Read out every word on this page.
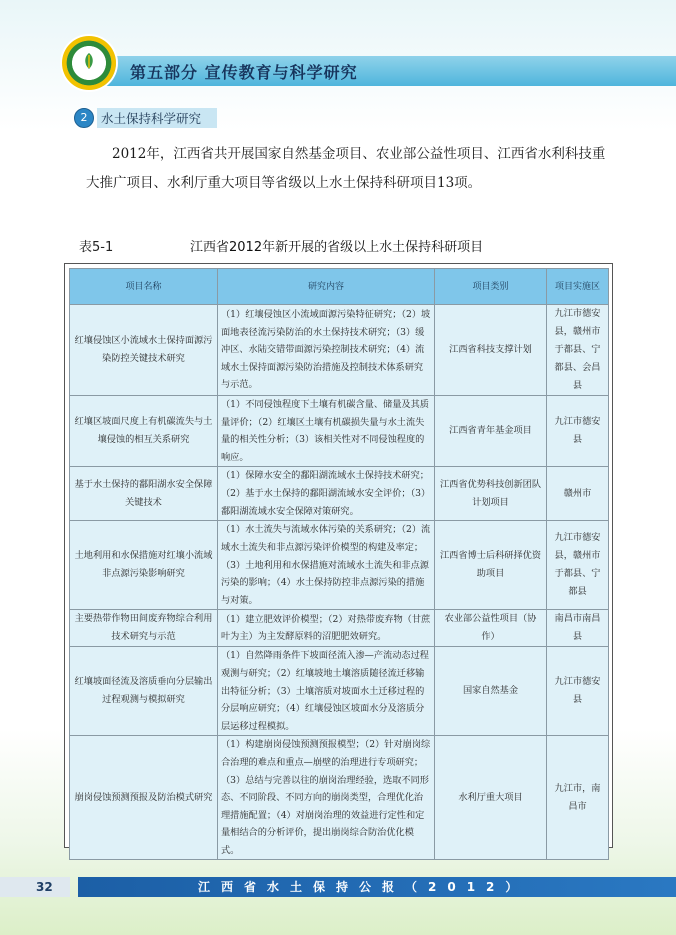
第五部分 宣传教育与科学研究
2	水土保持科学研究
2012年，江西省共开展国家自然基金项目、农业部公益性项目、江西省水利科技重大推广项目、水利厅重大项目等省级以上水土保持科研项目13项。
表5-1	江西省2012年新开展的省级以上水土保持科研项目
项目名称	研究内容	项目类别	项目实施区
红壤侵蚀区小流域水土保持面源污染防控关键技术研究	（1）红壤侵蚀区小流域面源污染特征研究；（2）坡面地表径流污染防治的水土保持技术研究；（3）缓冲区、水陆交错带面源污染控制技术研究；（4）流域水土保持面源污染防治措施及控制技术体系研究与示范。	江西省科技支撑计划	九江市德安县，赣州市于都县、宁都县、会昌县
红壤区坡面尺度上有机碳流失与土壤侵蚀的相互关系研究	（1）不同侵蚀程度下土壤有机碳含量、储量及其质量评价；（2）红壤区土壤有机碳损失量与水土流失量的相关性分析；（3）该相关性对不同侵蚀程度的响应。	江西省青年基金项目	九江市德安县
基于水土保持的鄱阳湖水安全保障关键技术	（1）保障水安全的鄱阳湖流域水土保持技术研究；（2）基于水土保持的鄱阳湖流域水安全评价；（3）鄱阳湖流域水安全保障对策研究。	江西省优势科技创新团队计划项目	赣州市
土地利用和水保措施对红壤小流域非点源污染影响研究	（1）水土流失与流域水体污染的关系研究；（2）流域水土流失和非点源污染评价模型的构建及率定；（3）土地利用和水保措施对流域水土流失和非点源污染的影响；（4）水土保持防控非点源污染的措施与对策。	江西省博士后科研择优资助项目	九江市德安县，赣州市于都县、宁都县
主要热带作物田间废弃物综合利用技术研究与示范	（1）建立肥效评价模型；（2）对热带废弃物（甘蔗叶为主）为主发酵原料的沼肥肥效研究。	农业部公益性项目（协作）	南昌市南昌县
红壤坡面径流及溶质垂向分层输出过程观测与模拟研究	（1）自然降雨条件下坡面径流入渗—产流动态过程观测与研究；（2）红壤坡地土壤溶质随径流迁移输出特征分析；（3）土壤溶质对坡面水土迁移过程的分层响应研究；（4）红壤侵蚀区坡面水分及溶质分层运移过程模拟。	国家自然基金	九江市德安县
崩岗侵蚀预测预报及防治模式研究	（1）构建崩岗侵蚀预测预报模型；（2）针对崩岗综合治理的难点和重点—崩壁的治理进行专项研究；（3）总结与完善以往的崩岗治理经验，选取不同形态、不同阶段、不同方向的崩岗类型，合理优化治理措施配置；（4）对崩岗治理的效益进行定性和定量相结合的分析评价，提出崩岗综合防治优化模式。	水利厅重大项目	九江市，南昌市
32	江西省水土保持公报（2012）
